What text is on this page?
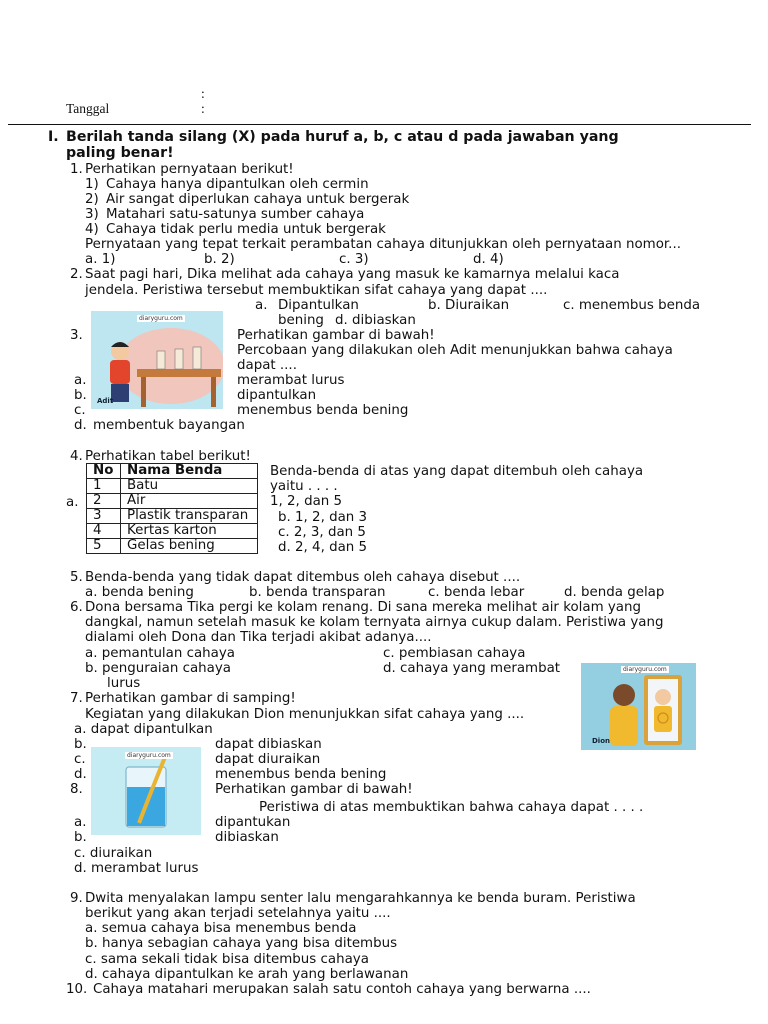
:
Tanggal	:
I. Berilah tanda silang (X) pada huruf a, b, c atau d pada jawaban yang
paling benar!
1. Perhatikan pernyataan berikut!
1) Cahaya hanya dipantulkan oleh cermin
2) Air sangat diperlukan cahaya untuk bergerak
3) Matahari satu-satunya sumber cahaya
4) Cahaya tidak perlu media untuk bergerak
Pernyataan yang tepat terkait perambatan cahaya ditunjukkan oleh pernyataan nomor...
a. 1)	b. 2)	c. 3)	d. 4)
2. Saat pagi hari, Dika melihat ada cahaya yang masuk ke kamarnya melalui kaca
jendela. Peristiwa tersebut membuktikan sifat cahaya yang dapat ....
a. Dipantulkan	b. Diuraikan	c. menembus benda
bening d. dibiaskan
3.
diaryguru.com
Adit
Perhatikan gambar di bawah!
Percobaan yang dilakukan oleh Adit menunjukkan bahwa cahaya
dapat ....
a.	merambat lurus
b.	dipantulkan
c.	menembus benda bening
d. membentuk bayangan
4. Perhatikan tabel berikut!
No	Nama Benda
1	Batu
2	Air
3	Plastik transparan
4	Kertas karton
5	Gelas bening
a.
Benda-benda di atas yang dapat ditembuh oleh cahaya
yaitu . . . .
1, 2, dan 5
b. 1, 2, dan 3
c. 2, 3, dan 5
d. 2, 4, dan 5
5. Benda-benda yang tidak dapat ditembus oleh cahaya disebut ....
a. benda bening	b. benda transparan	c. benda lebar	d. benda gelap
6. Dona bersama Tika pergi ke kolam renang. Di sana mereka melihat air kolam yang
dangkal, namun setelah masuk ke kolam ternyata airnya cukup dalam. Peristiwa yang
dialami oleh Dona dan Tika terjadi akibat adanya....
a. pemantulan cahaya	c. pembiasan cahaya
b. penguraian cahaya	d. cahaya yang merambat
lurus
diaryguru.com
Dion
7. Perhatikan gambar di samping!
Kegiatan yang dilakukan Dion menunjukkan sifat cahaya yang ....
a. dapat dipantulkan
b.	dapat dibiaskan
c.	dapat diuraikan
d.	menembus benda bening
8.
diaryguru.com
Perhatikan gambar di bawah!
Peristiwa di atas membuktikan bahwa cahaya dapat . . . .
a.	dipantukan
b.	dibiaskan
c. diuraikan
d. merambat lurus
9. Dwita menyalakan lampu senter lalu mengarahkannya ke benda buram. Peristiwa
berikut yang akan terjadi setelahnya yaitu ....
a. semua cahaya bisa menembus benda
b. hanya sebagian cahaya yang bisa ditembus
c. sama sekali tidak bisa ditembus cahaya
d. cahaya dipantulkan ke arah yang berlawanan
10. Cahaya matahari merupakan salah satu contoh cahaya yang berwarna ....
